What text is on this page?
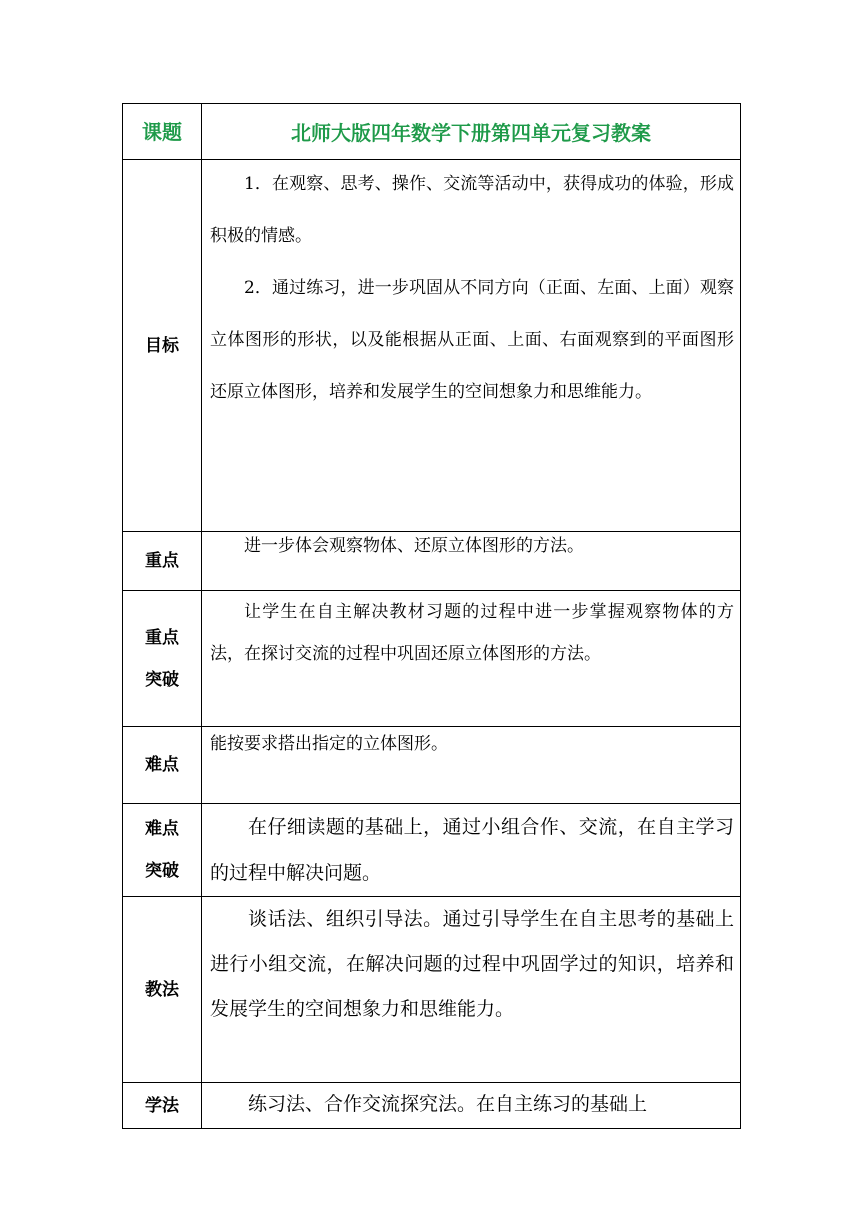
课题	北师大版四年数学下册第四单元复习教案
目标	1．在观察、思考、操作、交流等活动中，获得成功的体验，形成积极的情感。

2．通过练习，进一步巩固从不同方向（正面、左面、上面）观察立体图形的形状，以及能根据从正面、上面、右面观察到的平面图形还原立体图形，培养和发展学生的空间想象力和思维能力。

重点	进一步体会观察物体、还原立体图形的方法。

重点
突破	让学生在自主解决教材习题的过程中进一步掌握观察物体的方法，在探讨交流的过程中巩固还原立体图形的方法。

难点	能按要求搭出指定的立体图形。

难点
突破	在仔细读题的基础上，通过小组合作、交流，在自主学习的过程中解决问题。

教法	谈话法、组织引导法。通过引导学生在自主思考的基础上进行小组交流，在解决问题的过程中巩固学过的知识，培养和发展学生的空间想象力和思维能力。

学法	练习法、合作交流探究法。在自主练习的基础上
